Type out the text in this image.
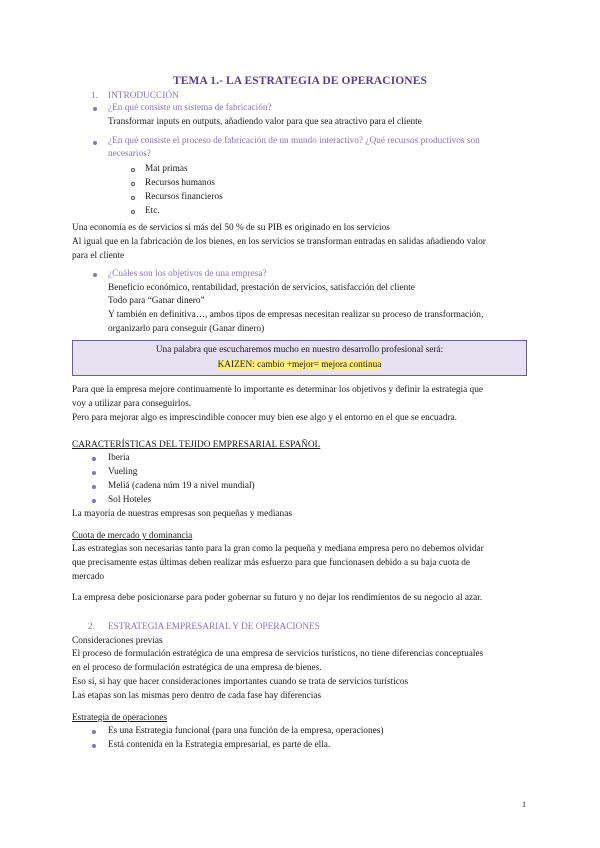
TEMA 1.- LA ESTRATEGIA DE OPERACIONES
1. INTRODUCCIÓN
¿En qué consiste un sistema de fabricación?
Transformar inputs en outputs, añadiendo valor para que sea atractivo para el cliente
¿En qué consiste el proceso de fabricación de un mundo interactivo? ¿Qué recursos productivos son
necesarios?
Mat primas
Recursos humanos
Recursos financieros
Etc.
Una economía es de servicios si más del 50 % de su PIB es originado en los servicios
Al igual que en la fabricación de los bienes, en los servicios se transforman entradas en salidas añadiendo valor
para el cliente
¿Cuáles son los objetivos de una empresa?
Beneficio económico, rentabilidad, prestación de servicios, satisfacción del cliente
Todo para “Ganar dinero”
Y también en definitiva…, ambos tipos de empresas necesitan realizar su proceso de transformación,
organizarlo para conseguir (Ganar dinero)
Una palabra que escucharemos mucho en nuestro desarrollo profesional será:
KAIZEN: cambio +mejor= mejora continua
Para que la empresa mejore continuamente lo importante es determinar los objetivos y definir la estrategia que
voy a utilizar para conseguirlos.
Pero para mejorar algo es imprescindible conocer muy bien ese algo y el entorno en el que se encuadra.
CARACTERÍSTICAS DEL TEJIDO EMPRESARIAL ESPAÑOL
Iberia
Vueling
Meliá (cadena núm 19 a nivel mundial)
Sol Hoteles
La mayoría de nuestras empresas son pequeñas y medianas
Cuota de mercado y dominancia
Las estrategias son necesarias tanto para la gran como la pequeña y mediana empresa pero no debemos olvidar
que precisamente estas últimas deben realizar más esfuerzo para que funcionasen debido a su baja cuota de
mercado
La empresa debe posicionarse para poder gobernar su futuro y no dejar los rendimientos de su negocio al azar.
2. ESTRATEGIA EMPRESARIAL Y DE OPERACIONES
Consideraciones previas
El proceso de formulación estratégica de una empresa de servicios turísticos, no tiene diferencias conceptuales
en el proceso de formulación estratégica de una empresa de bienes.
Eso sí, si hay que hacer consideraciones importantes cuando se trata de servicios turísticos
Las etapas son las mismas pero dentro de cada fase hay diferencias
Estrategia de operaciones
Es una Estrategia funcional (para una función de la empresa, operaciones)
Está contenida en la Estrategia empresarial, es parte de ella.
1
